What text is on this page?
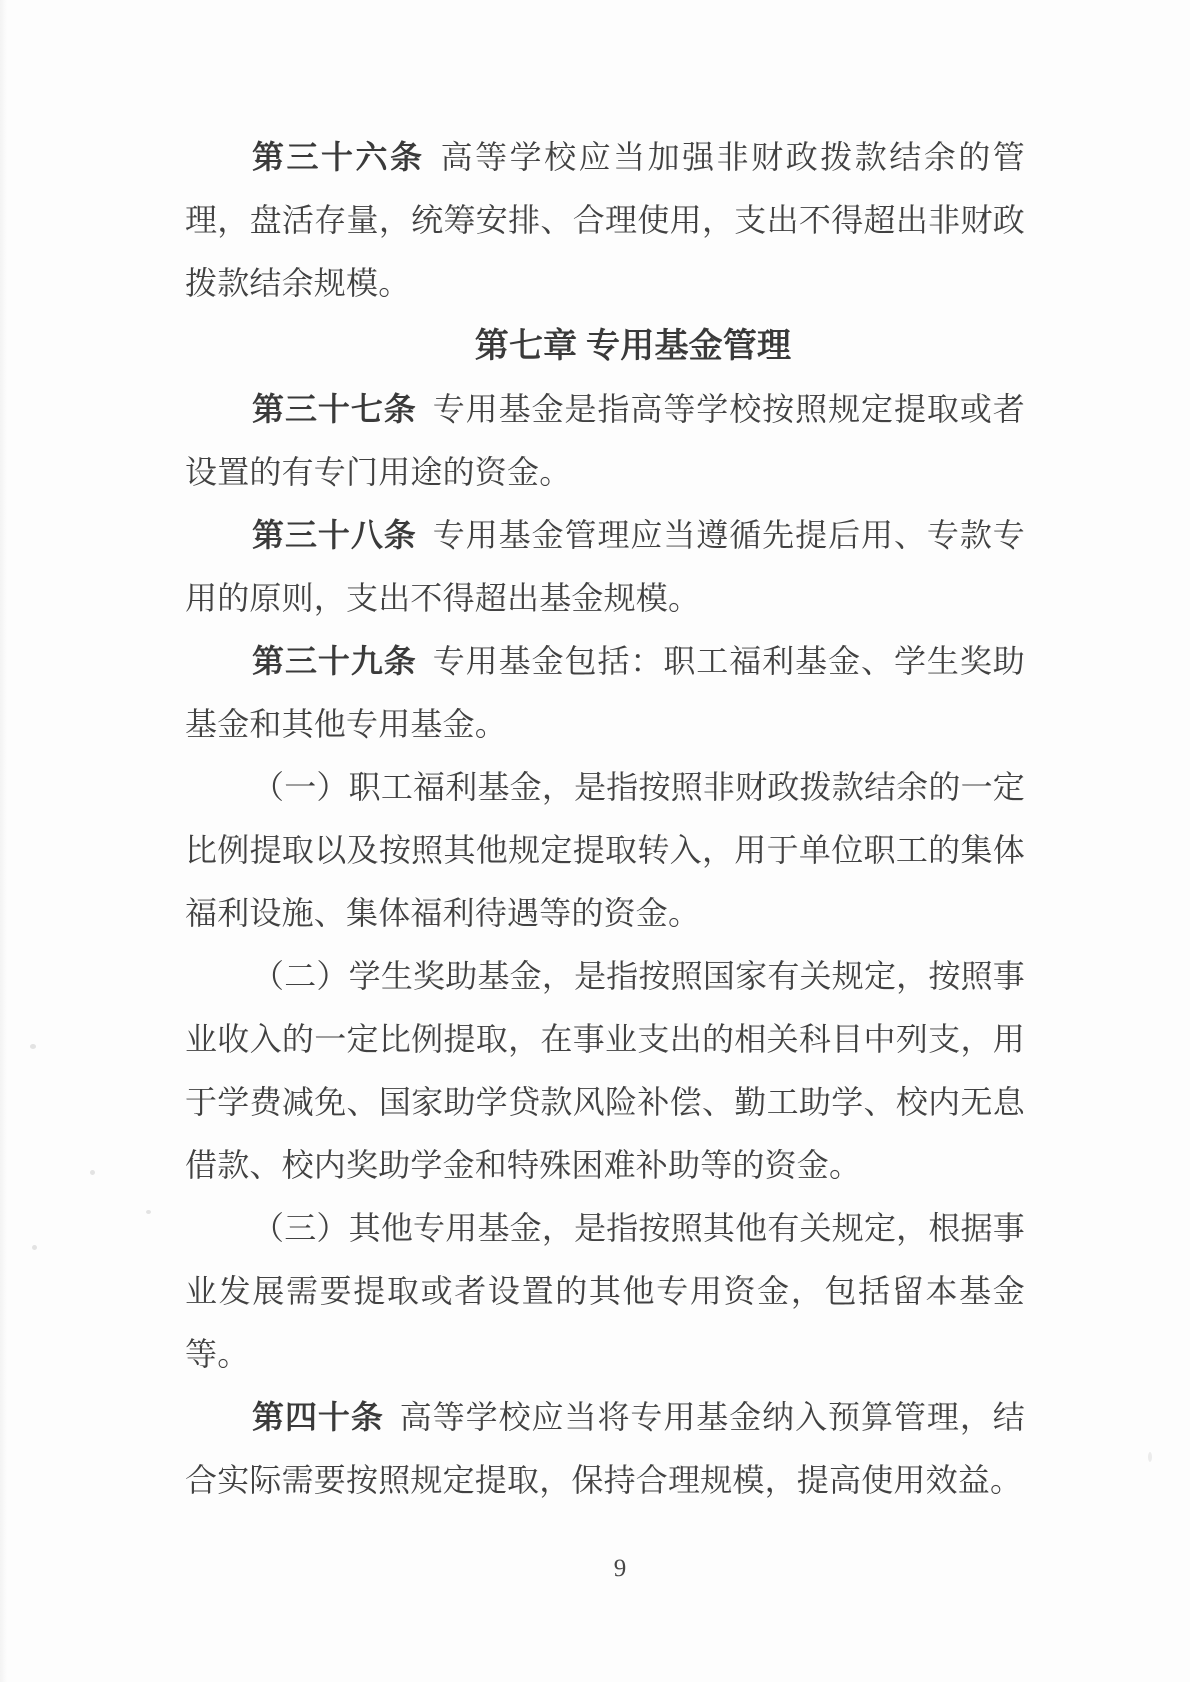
第三十六条 高等学校应当加强非财政拨款结余的管理，盘活存量，统筹安排、合理使用，支出不得超出非财政拨款结余规模。

第七章 专用基金管理

第三十七条 专用基金是指高等学校按照规定提取或者设置的有专门用途的资金。

第三十八条 专用基金管理应当遵循先提后用、专款专用的原则，支出不得超出基金规模。

第三十九条 专用基金包括：职工福利基金、学生奖助基金和其他专用基金。

（一）职工福利基金，是指按照非财政拨款结余的一定比例提取以及按照其他规定提取转入，用于单位职工的集体福利设施、集体福利待遇等的资金。

（二）学生奖助基金，是指按照国家有关规定，按照事业收入的一定比例提取，在事业支出的相关科目中列支，用于学费减免、国家助学贷款风险补偿、勤工助学、校内无息借款、校内奖助学金和特殊困难补助等的资金。

（三）其他专用基金，是指按照其他有关规定，根据事业发展需要提取或者设置的其他专用资金，包括留本基金等。

第四十条 高等学校应当将专用基金纳入预算管理，结合实际需要按照规定提取，保持合理规模，提高使用效益。

9
